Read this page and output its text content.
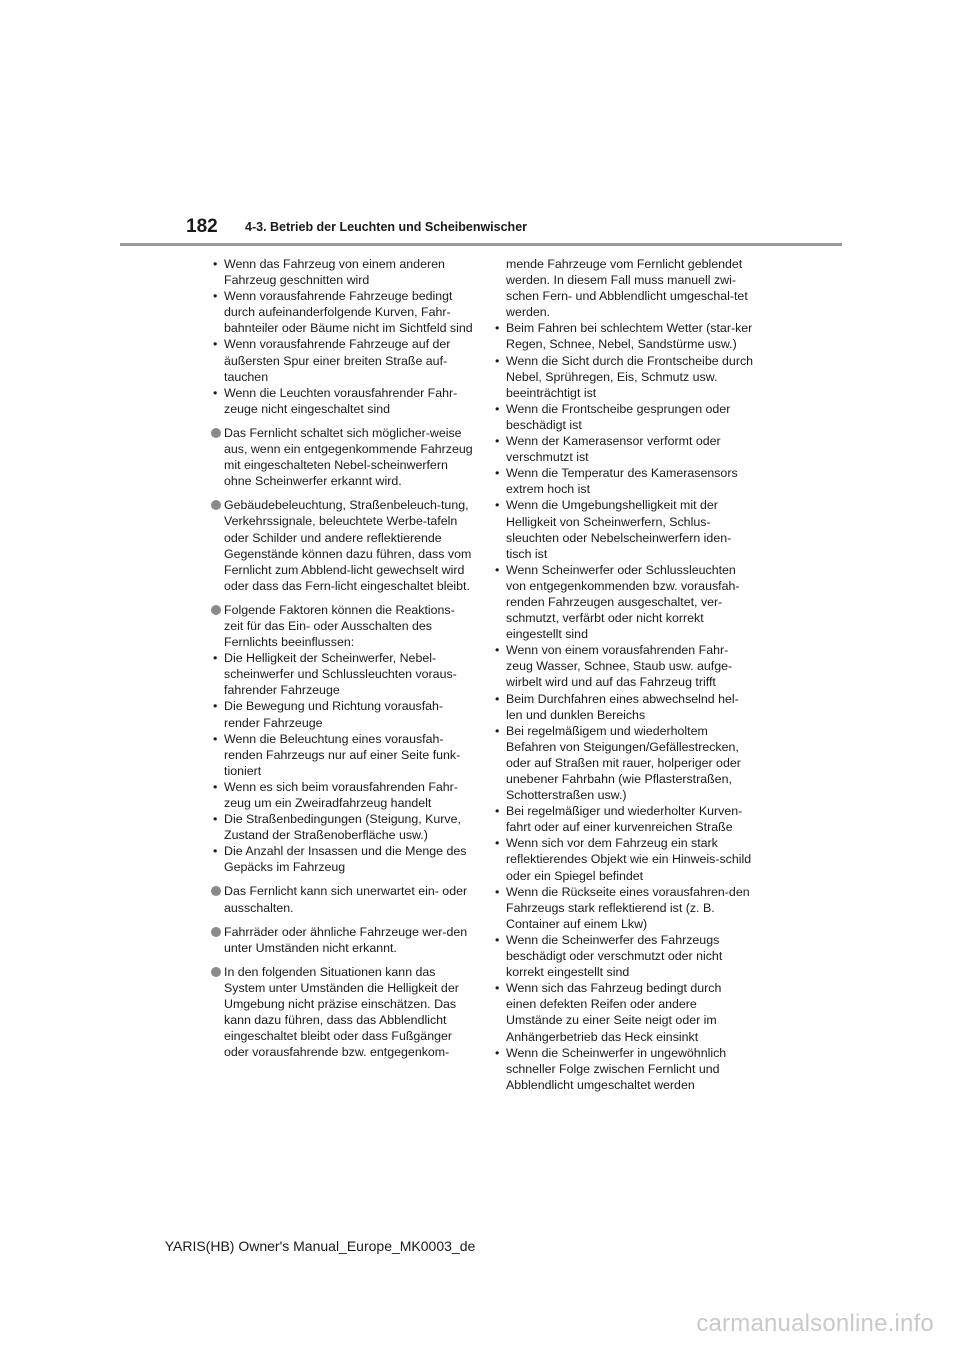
182 4-3. Betrieb der Leuchten und Scheibenwischer
• Wenn das Fahrzeug von einem anderen Fahrzeug geschnitten wird
• Wenn vorausfahrende Fahrzeuge bedingt durch aufeinanderfolgende Kurven, Fahr-bahnteiler oder Bäume nicht im Sichtfeld sind
• Wenn vorausfahrende Fahrzeuge auf der äußersten Spur einer breiten Straße auf-tauchen
• Wenn die Leuchten vorausfahrender Fahr-zeuge nicht eingeschaltet sind

Das Fernlicht schaltet sich möglicher-weise aus, wenn ein entgegenkommende Fahrzeug mit eingeschalteten Nebel-scheinwerfern ohne Scheinwerfer erkannt wird.

Gebäudebeleuchtung, Straßenbeleuch-tung, Verkehrssignale, beleuchtete Werbe-tafeln oder Schilder und andere reflektierende Gegenstände können dazu führen, dass vom Fernlicht zum Abblend-licht gewechselt wird oder dass das Fern-licht eingeschaltet bleibt.

Folgende Faktoren können die Reaktions-zeit für das Ein- oder Ausschalten des Fernlichts beeinflussen:

• Die Helligkeit der Scheinwerfer, Nebel-scheinwerfer und Schlussleuchten voraus-fahrender Fahrzeuge
• Die Bewegung und Richtung vorausfah-render Fahrzeuge
• Wenn die Beleuchtung eines vorausfah-renden Fahrzeugs nur auf einer Seite funk-tioniert
• Wenn es sich beim vorausfahrenden Fahr-zeug um ein Zweiradfahrzeug handelt
• Die Straßenbedingungen (Steigung, Kurve, Zustand der Straßenoberfläche usw.)
• Die Anzahl der Insassen und die Menge des Gepäcks im Fahrzeug

Das Fernlicht kann sich unerwartet ein- oder ausschalten.

Fahrräder oder ähnliche Fahrzeuge wer-den unter Umständen nicht erkannt.

In den folgenden Situationen kann das System unter Umständen die Helligkeit der Umgebung nicht präzise einschätzen. Das kann dazu führen, dass das Abblendlicht eingeschaltet bleibt oder dass Fußgänger oder vorausfahrende bzw. entgegenkom-

mende Fahrzeuge vom Fernlicht geblendet werden. In diesem Fall muss manuell zwi-schen Fern- und Abblendlicht umgeschal-tet werden.

• Beim Fahren bei schlechtem Wetter (star-ker Regen, Schnee, Nebel, Sandstürme usw.)
• Wenn die Sicht durch die Frontscheibe durch Nebel, Sprühregen, Eis, Schmutz usw. beeinträchtigt ist
• Wenn die Frontscheibe gesprungen oder beschädigt ist
• Wenn der Kamerasensor verformt oder verschmutzt ist
• Wenn die Temperatur des Kamerasensors extrem hoch ist
• Wenn die Umgebungshelligkeit mit der Helligkeit von Scheinwerfern, Schlus-sleuchten oder Nebelscheinwerfern iden-tisch ist
• Wenn Scheinwerfer oder Schlussleuchten von entgegenkommenden bzw. vorausfah-renden Fahrzeugen ausgeschaltet, ver-schmutzt, verfärbt oder nicht korrekt eingestellt sind
• Wenn von einem vorausfahrenden Fahr-zeug Wasser, Schnee, Staub usw. aufge-wirbelt wird und auf das Fahrzeug trifft
• Beim Durchfahren eines abwechselnd hel-len und dunklen Bereichs
• Bei regelmäßigem und wiederholtem Befahren von Steigungen/Gefällestrecken, oder auf Straßen mit rauer, holperiger oder unebener Fahrbahn (wie Pflasterstraßen, Schotterstraßen usw.)
• Bei regelmäßiger und wiederholter Kurven-fahrt oder auf einer kurvenreichen Straße
• Wenn sich vor dem Fahrzeug ein stark reflektierendes Objekt wie ein Hinweis-schild oder ein Spiegel befindet
• Wenn die Rückseite eines vorausfahren-den Fahrzeugs stark reflektierend ist (z. B. Container auf einem Lkw)
• Wenn die Scheinwerfer des Fahrzeugs beschädigt oder verschmutzt oder nicht korrekt eingestellt sind
• Wenn sich das Fahrzeug bedingt durch einen defekten Reifen oder andere Umstände zu einer Seite neigt oder im Anhängerbetrieb das Heck einsinkt
• Wenn die Scheinwerfer in ungewöhnlich schneller Folge zwischen Fernlicht und Abblendlicht umgeschaltet werden
YARIS(HB) Owner's Manual_Europe_MK0003_de
carmanualsonline.info
